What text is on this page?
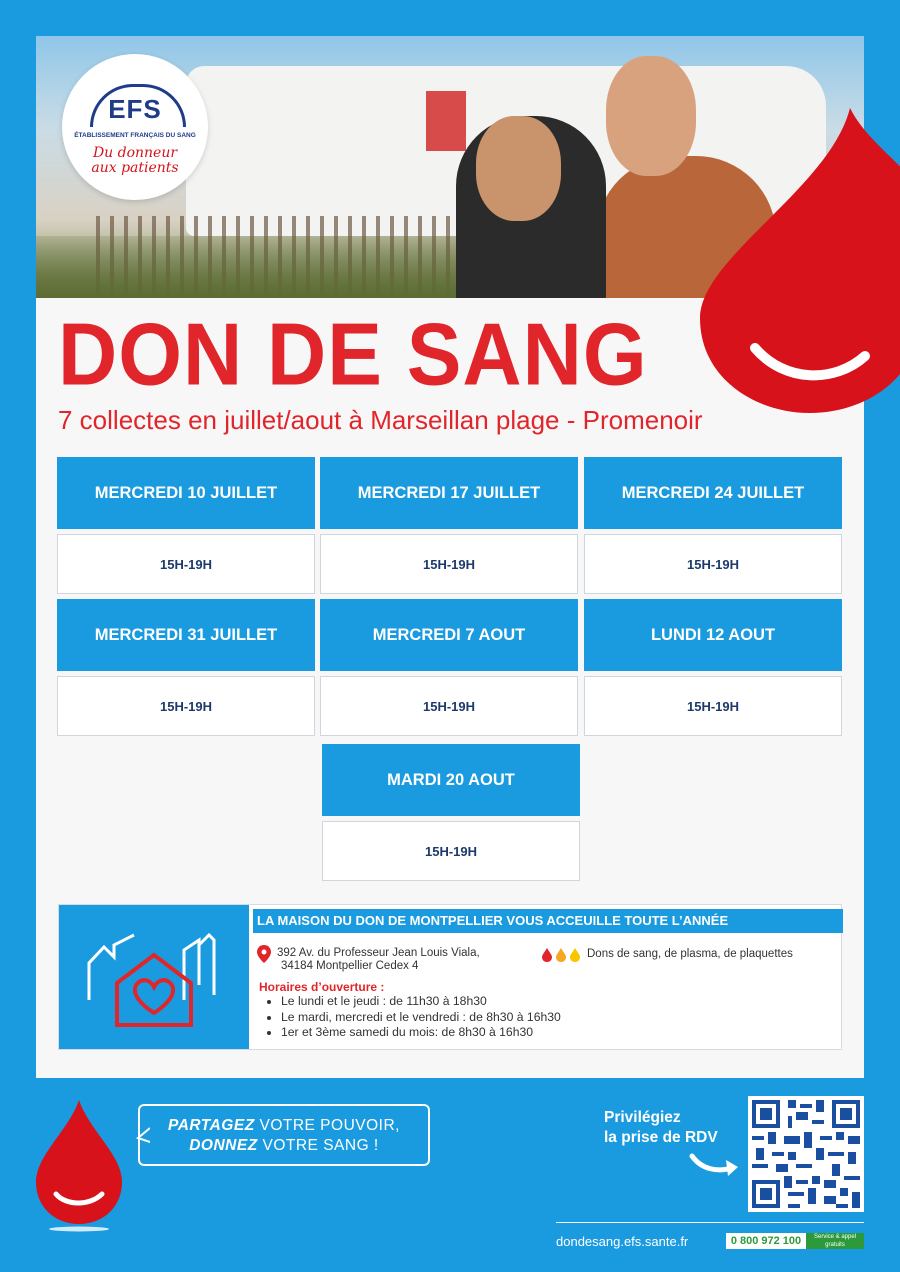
EFS
ÉTABLISSEMENT FRANÇAIS DU SANG
Du donneur
aux patients
DON DE SANG
7 collectes en juillet/aout à Marseillan plage - Promenoir
MERCREDI 10 JUILLET	MERCREDI 17 JUILLET	MERCREDI 24 JUILLET
15H-19H	15H-19H	15H-19H
MERCREDI 31 JUILLET	MERCREDI 7 AOUT	LUNDI 12 AOUT
15H-19H	15H-19H	15H-19H
MARDI 20 AOUT
15H-19H
LA MAISON DU DON DE MONTPELLIER VOUS ACCEUILLE TOUTE L’ANNÉE
392 Av. du Professeur Jean Louis Viala,
34184 Montpellier Cedex 4
Dons de sang, de plasma, de plaquettes
Horaires d’ouverture :
• Le lundi et le jeudi : de 11h30 à 18h30
• Le mardi, mercredi et le vendredi : de 8h30 à 16h30
• 1er et 3ème samedi du mois: de 8h30 à 16h30
PARTAGEZ VOTRE POUVOIR,
DONNEZ VOTRE SANG !
Privilégiez
la prise de RDV
dondesang.efs.sante.fr	0 800 972 100	Service & appel gratuits
